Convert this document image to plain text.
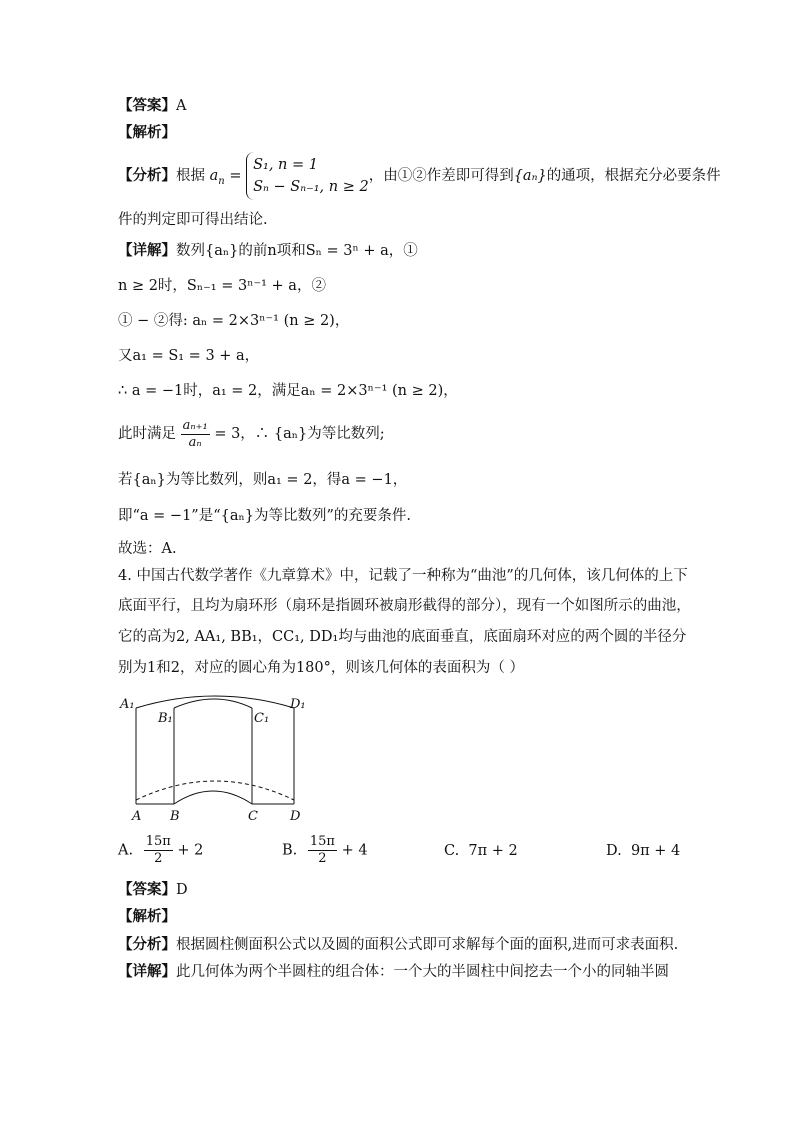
【答案】A
【解析】
【分析】根据 $a_n$ =
S₁, n = 1
Sₙ − Sₙ₋₁, n ≥ 2
，由①②作差即可得到{aₙ}的通项，根据充分必要条件
件的判定即可得出结论.
【详解】数列{aₙ}的前n项和Sₙ = 3ⁿ + a，①
n ≥ 2时，Sₙ₋₁ = 3ⁿ⁻¹ + a，②
① − ②得: aₙ = 2×3ⁿ⁻¹ (n ≥ 2)，
又a₁ = S₁ = 3 + a，
∴ a = −1时，a₁ = 2，满足aₙ = 2×3ⁿ⁻¹ (n ≥ 2)，
此时满足 $\frac{\text{aₙ₊₁}}{\text{aₙ}} = 3$，∴ {aₙ}为等比数列;
若{aₙ}为等比数列，则a₁ = 2，得a = −1，
即“a = −1”是“{aₙ}为等比数列”的充要条件.
故选：A.
4. 中国古代数学著作《九章算术》中，记载了一种称为“曲池”的几何体，该几何体的上下
底面平行，且均为扇环形（扇环是指圆环被扇形截得的部分），现有一个如图所示的曲池，
它的高为2, AA₁, BB₁，CC₁, DD₁均与曲池的底面垂直，底面扇环对应的两个圆的半径分
别为1和2，对应的圆心角为180°，则该几何体的表面积为（ ）
A₁
B₁	C₁
D₁
A B	C D
A. $\frac{15\pi}{2} + 2$	B. $\frac{15\pi}{2} + 4$	C. 7π + 2	D. 9π + 4
【答案】D
【解析】
【分析】根据圆柱侧面积公式以及圆的面积公式即可求解每个面的面积,进而可求表面积.
【详解】此几何体为两个半圆柱的组合体：一个大的半圆柱中间挖去一个小的同轴半圆
